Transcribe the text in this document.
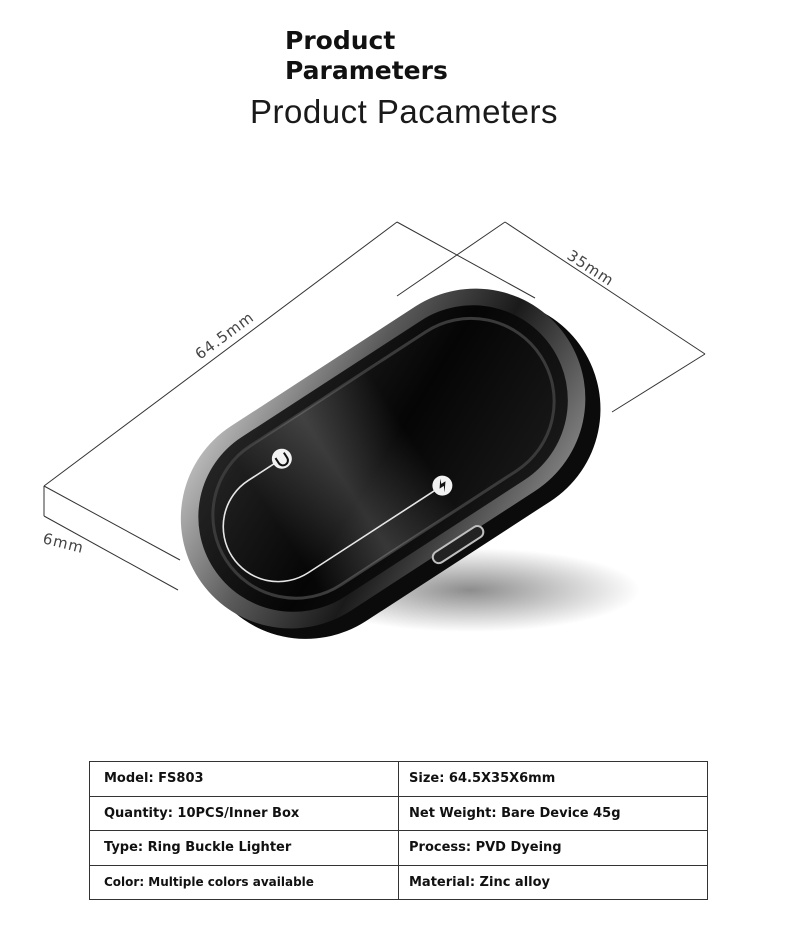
Product
Parameters
Product Pacameters
64.5mm
35mm
6mm
Model: FS803	Size: 64.5X35X6mm
Quantity: 10PCS/Inner Box	Net Weight: Bare Device 45g
Type: Ring Buckle Lighter	Process: PVD Dyeing
Color: Multiple colors available	Material: Zinc alloy
